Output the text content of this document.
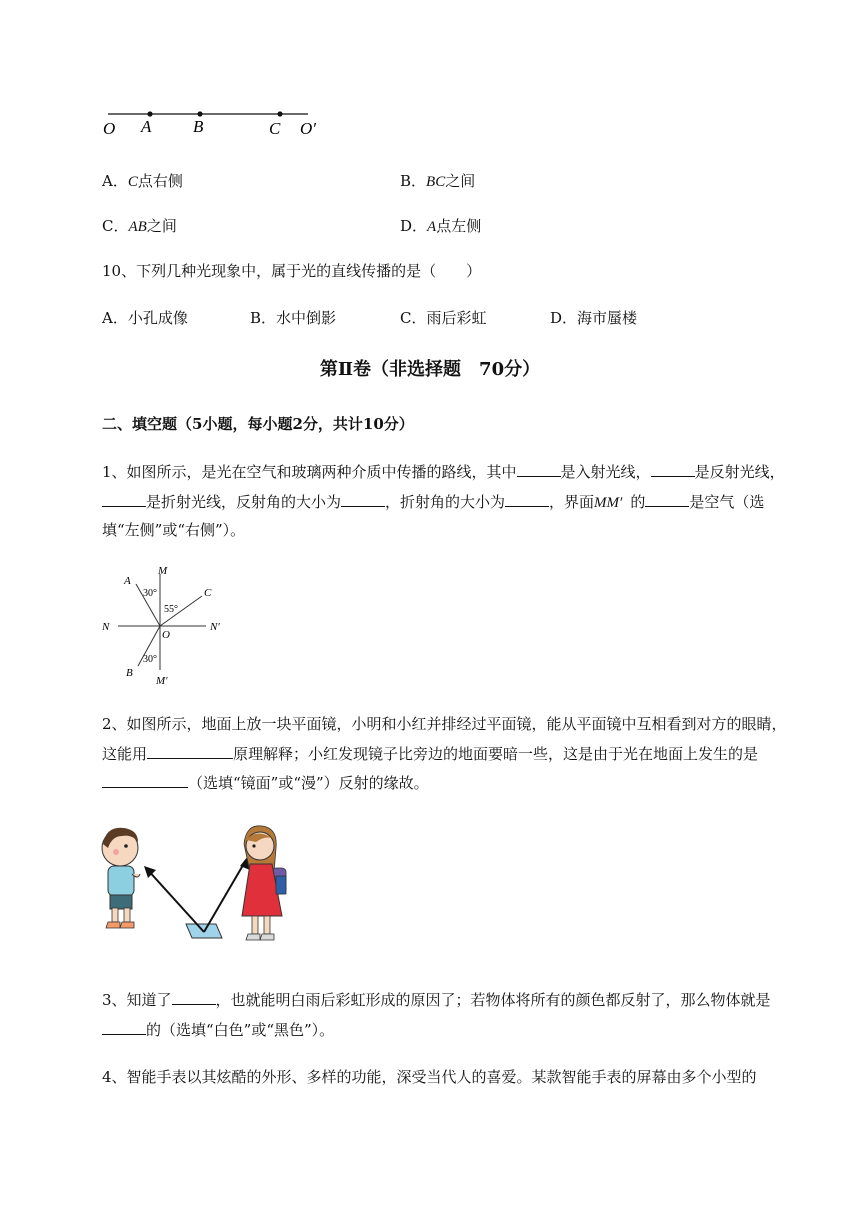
O A B	C O′
A．C点右侧	B．BC之间
C．AB之间	D．A点左侧
10、下列几种光现象中，属于光的直线传播的是（　　）
A．小孔成像	B．水中倒影	C．雨后彩虹	D．海市蜃楼
第Ⅱ卷（非选择题　70分）
二、填空题（5小题，每小题2分，共计10分）
1、如图所示，是光在空气和玻璃两种介质中传播的路线，其中	是入射光线，	是反射光线，
是折射光线，反射角的大小为	，折射角的大小为	，界面MM′ 的	是空气（选
填“左侧”或“右侧”）。
M
A
C
N
O
N′
B
M′
30°
55°
30°
2、如图所示，地面上放一块平面镜，小明和小红并排经过平面镜，能从平面镜中互相看到对方的眼睛，
这能用	原理解释；小红发现镜子比旁边的地面要暗一些，这是由于光在地面上发生的是
（选填“镜面”或“漫”）反射的缘故。
3、知道了	，也就能明白雨后彩虹形成的原因了；若物体将所有的颜色都反射了，那么物体就是
的（选填“白色”或“黑色”）。
4、智能手表以其炫酷的外形、多样的功能，深受当代人的喜爱。某款智能手表的屏幕由多个小型的
